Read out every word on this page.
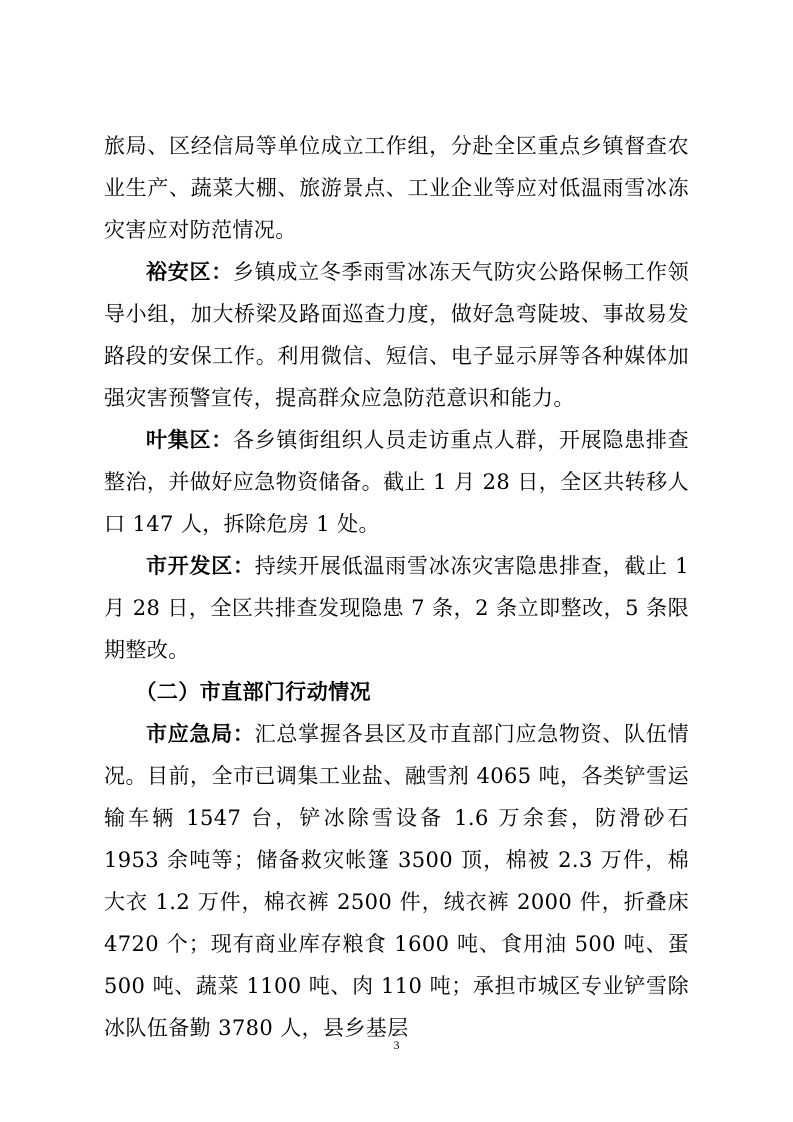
旅局、区经信局等单位成立工作组，分赴全区重点乡镇督查农业生产、蔬菜大棚、旅游景点、工业企业等应对低温雨雪冰冻灾害应对防范情况。

裕安区：乡镇成立冬季雨雪冰冻天气防灾公路保畅工作领导小组，加大桥梁及路面巡查力度，做好急弯陡坡、事故易发路段的安保工作。利用微信、短信、电子显示屏等各种媒体加强灾害预警宣传，提高群众应急防范意识和能力。

叶集区：各乡镇街组织人员走访重点人群，开展隐患排查整治，并做好应急物资储备。截止 1 月 28 日，全区共转移人口 147 人，拆除危房 1 处。

市开发区：持续开展低温雨雪冰冻灾害隐患排查，截止 1 月 28 日，全区共排查发现隐患 7 条，2 条立即整改，5 条限期整改。

（二）市直部门行动情况

市应急局：汇总掌握各县区及市直部门应急物资、队伍情况。目前，全市已调集工业盐、融雪剂 4065 吨，各类铲雪运输车辆 1547 台，铲冰除雪设备 1.6 万余套，防滑砂石 1953 余吨等；储备救灾帐篷 3500 顶，棉被 2.3 万件，棉大衣 1.2 万件，棉衣裤 2500 件，绒衣裤 2000 件，折叠床 4720 个；现有商业库存粮食 1600 吨、食用油 500 吨、蛋 500 吨、蔬菜 1100 吨、肉 110 吨；承担市城区专业铲雪除冰队伍备勤 3780 人，县乡基层

3
